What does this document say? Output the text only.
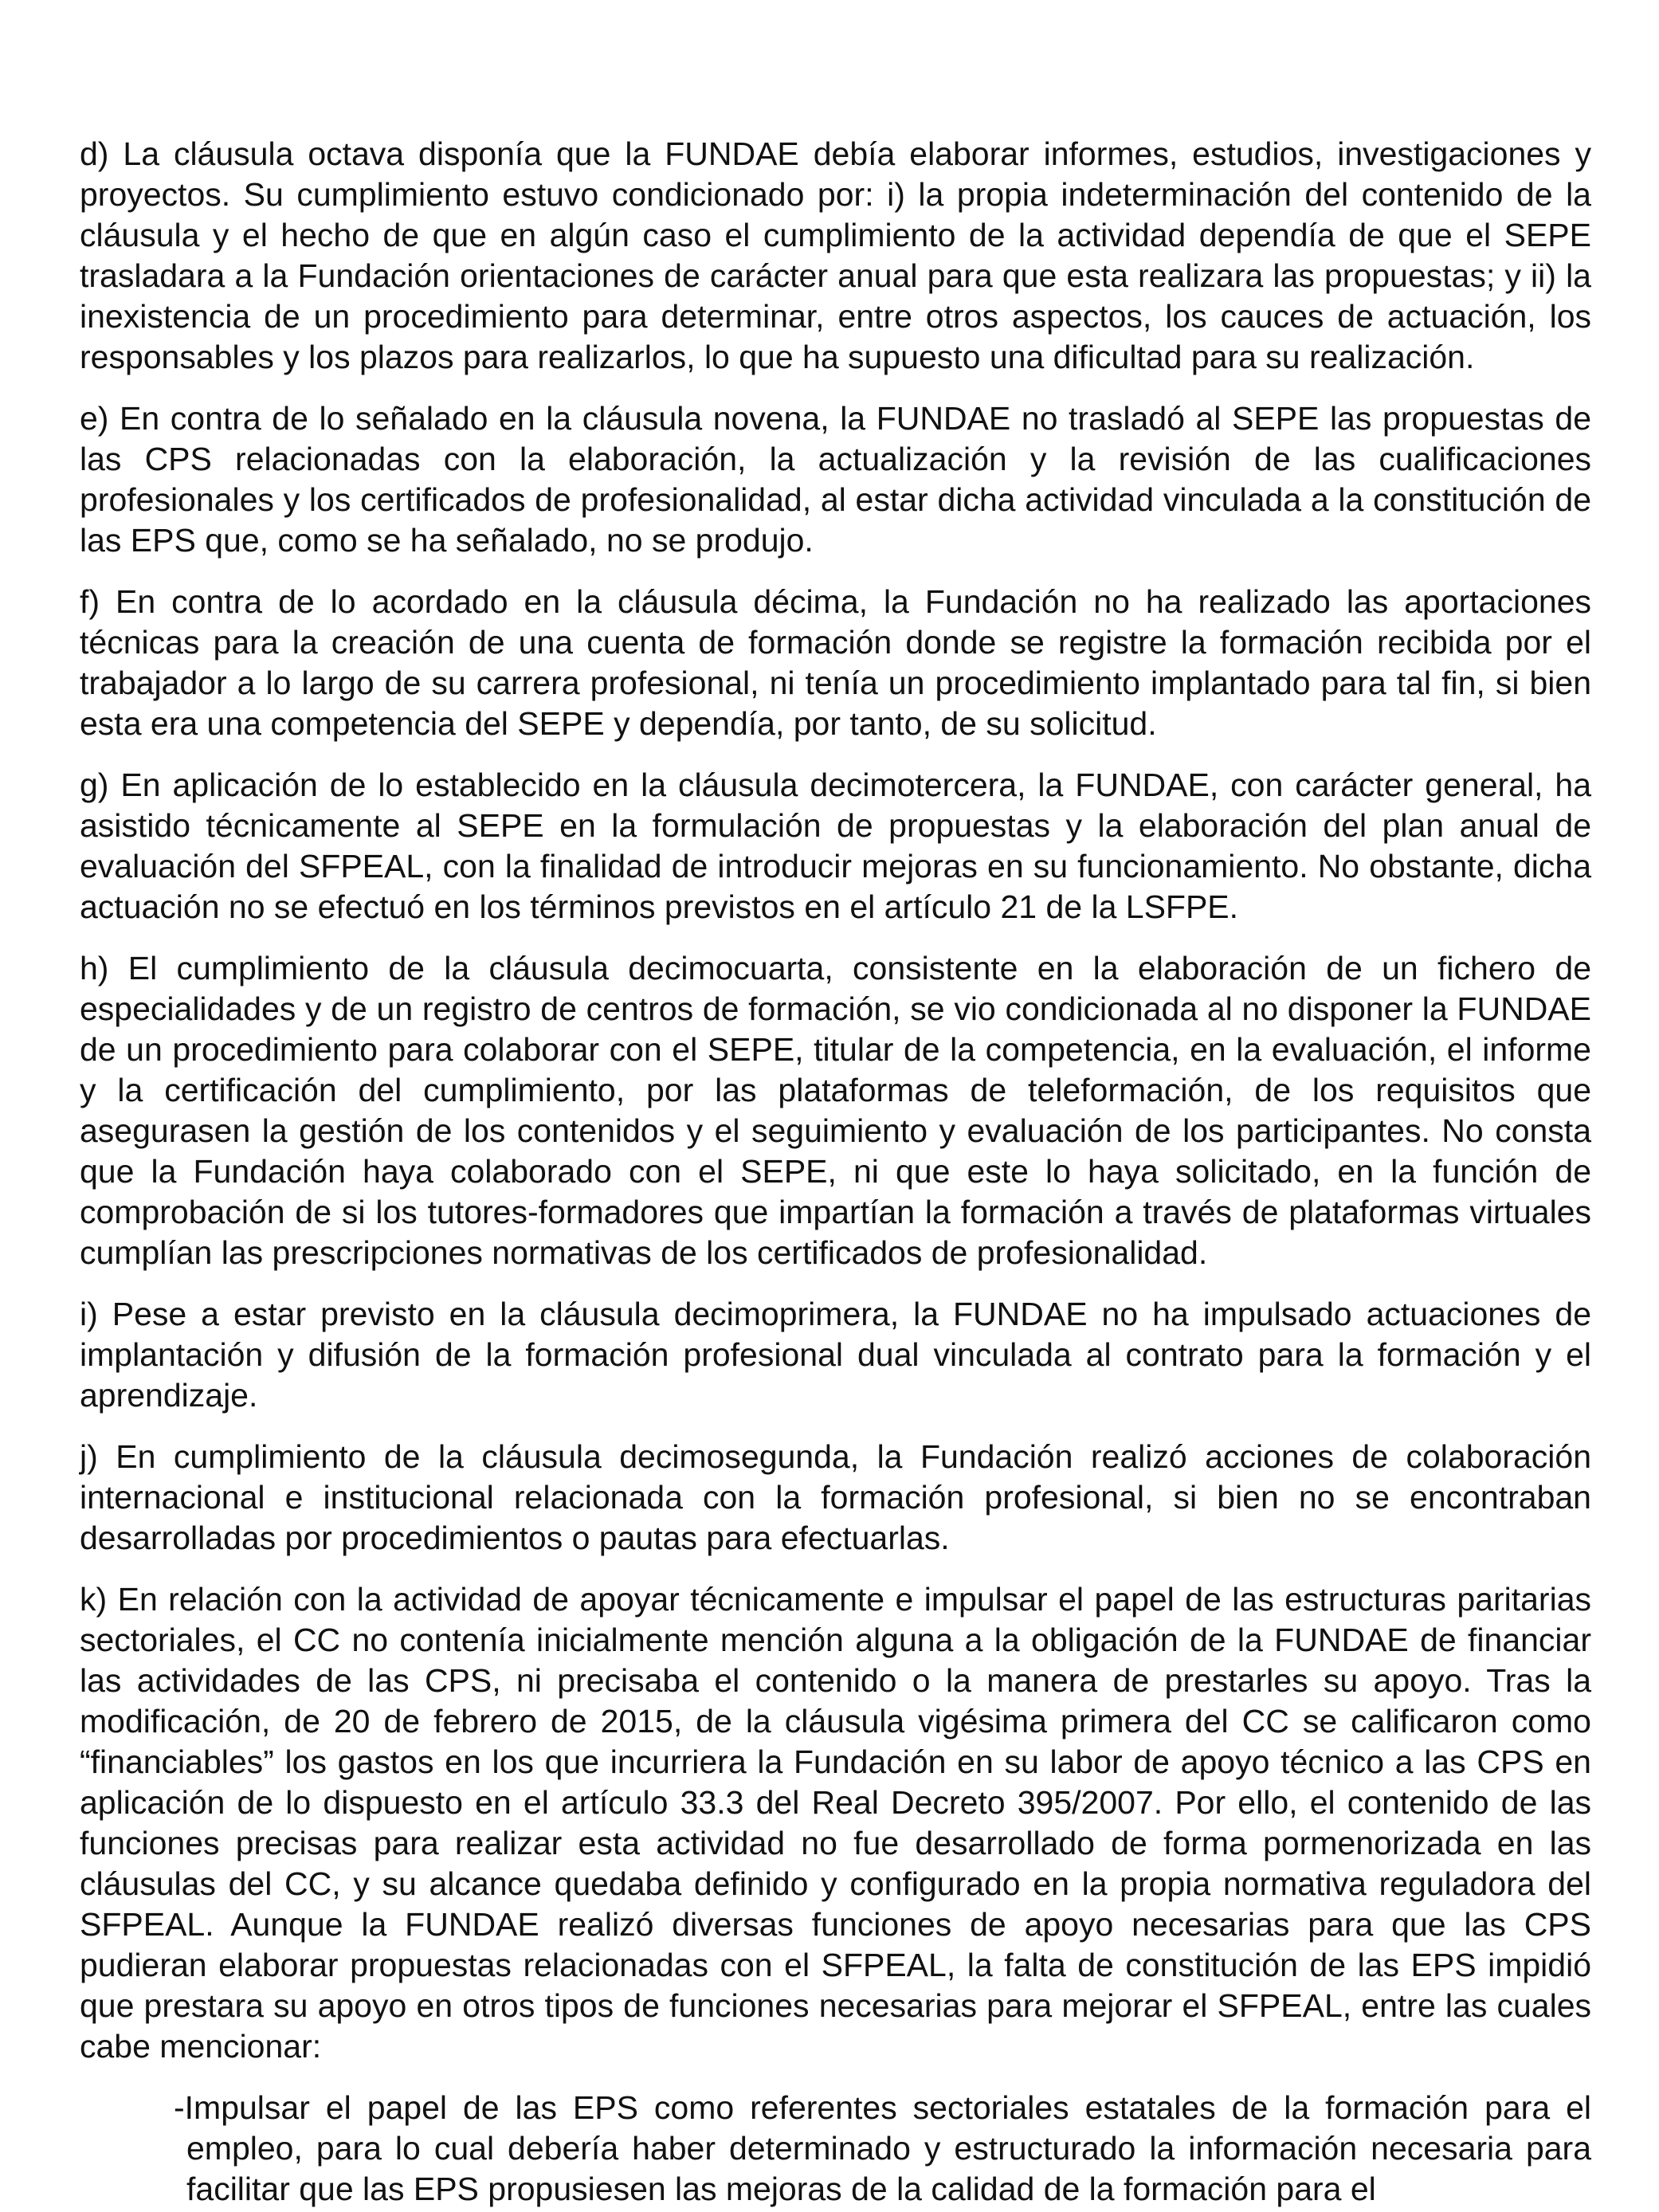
d) La cláusula octava disponía que la FUNDAE debía elaborar informes, estudios, investigaciones y proyectos. Su cumplimiento estuvo condicionado por: i) la propia indeterminación del contenido de la cláusula y el hecho de que en algún caso el cumplimiento de la actividad dependía de que el SEPE trasladara a la Fundación orientaciones de carácter anual para que esta realizara las propuestas; y ii) la inexistencia de un procedimiento para determinar, entre otros aspectos, los cauces de actuación, los responsables y los plazos para realizarlos, lo que ha supuesto una dificultad para su realización.

e) En contra de lo señalado en la cláusula novena, la FUNDAE no trasladó al SEPE las propuestas de las CPS relacionadas con la elaboración, la actualización y la revisión de las cualificaciones profesionales y los certificados de profesionalidad, al estar dicha actividad vinculada a la constitución de las EPS que, como se ha señalado, no se produjo.

f) En contra de lo acordado en la cláusula décima, la Fundación no ha realizado las aportaciones técnicas para la creación de una cuenta de formación donde se registre la formación recibida por el trabajador a lo largo de su carrera profesional, ni tenía un procedimiento implantado para tal fin, si bien esta era una competencia del SEPE y dependía, por tanto, de su solicitud.

g) En aplicación de lo establecido en la cláusula decimotercera, la FUNDAE, con carácter general, ha asistido técnicamente al SEPE en la formulación de propuestas y la elaboración del plan anual de evaluación del SFPEAL, con la finalidad de introducir mejoras en su funcionamiento. No obstante, dicha actuación no se efectuó en los términos previstos en el artículo 21 de la LSFPE.

h) El cumplimiento de la cláusula decimocuarta, consistente en la elaboración de un fichero de especialidades y de un registro de centros de formación, se vio condicionada al no disponer la FUNDAE de un procedimiento para colaborar con el SEPE, titular de la competencia, en la evaluación, el informe y la certificación del cumplimiento, por las plataformas de teleformación, de los requisitos que asegurasen la gestión de los contenidos y el seguimiento y evaluación de los participantes. No consta que la Fundación haya colaborado con el SEPE, ni que este lo haya solicitado, en la función de comprobación de si los tutores-formadores que impartían la formación a través de plataformas virtuales cumplían las prescripciones normativas de los certificados de profesionalidad.

i) Pese a estar previsto en la cláusula decimoprimera, la FUNDAE no ha impulsado actuaciones de implantación y difusión de la formación profesional dual vinculada al contrato para la formación y el aprendizaje.

j) En cumplimiento de la cláusula decimosegunda, la Fundación realizó acciones de colaboración internacional e institucional relacionada con la formación profesional, si bien no se encontraban desarrolladas por procedimientos o pautas para efectuarlas.

k) En relación con la actividad de apoyar técnicamente e impulsar el papel de las estructuras paritarias sectoriales, el CC no contenía inicialmente mención alguna a la obligación de la FUNDAE de financiar las actividades de las CPS, ni precisaba el contenido o la manera de prestarles su apoyo. Tras la modificación, de 20 de febrero de 2015, de la cláusula vigésima primera del CC se calificaron como “financiables” los gastos en los que incurriera la Fundación en su labor de apoyo técnico a las CPS en aplicación de lo dispuesto en el artículo 33.3 del Real Decreto 395/2007. Por ello, el contenido de las funciones precisas para realizar esta actividad no fue desarrollado de forma pormenorizada en las cláusulas del CC, y su alcance quedaba definido y configurado en la propia normativa reguladora del SFPEAL. Aunque la FUNDAE realizó diversas funciones de apoyo necesarias para que las CPS pudieran elaborar propuestas relacionadas con el SFPEAL, la falta de constitución de las EPS impidió que prestara su apoyo en otros tipos de funciones necesarias para mejorar el SFPEAL, entre las cuales cabe mencionar:

-Impulsar el papel de las EPS como referentes sectoriales estatales de la formación para el empleo, para lo cual debería haber determinado y estructurado la información necesaria para facilitar que las EPS propusiesen las mejoras de la calidad de la formación para el
